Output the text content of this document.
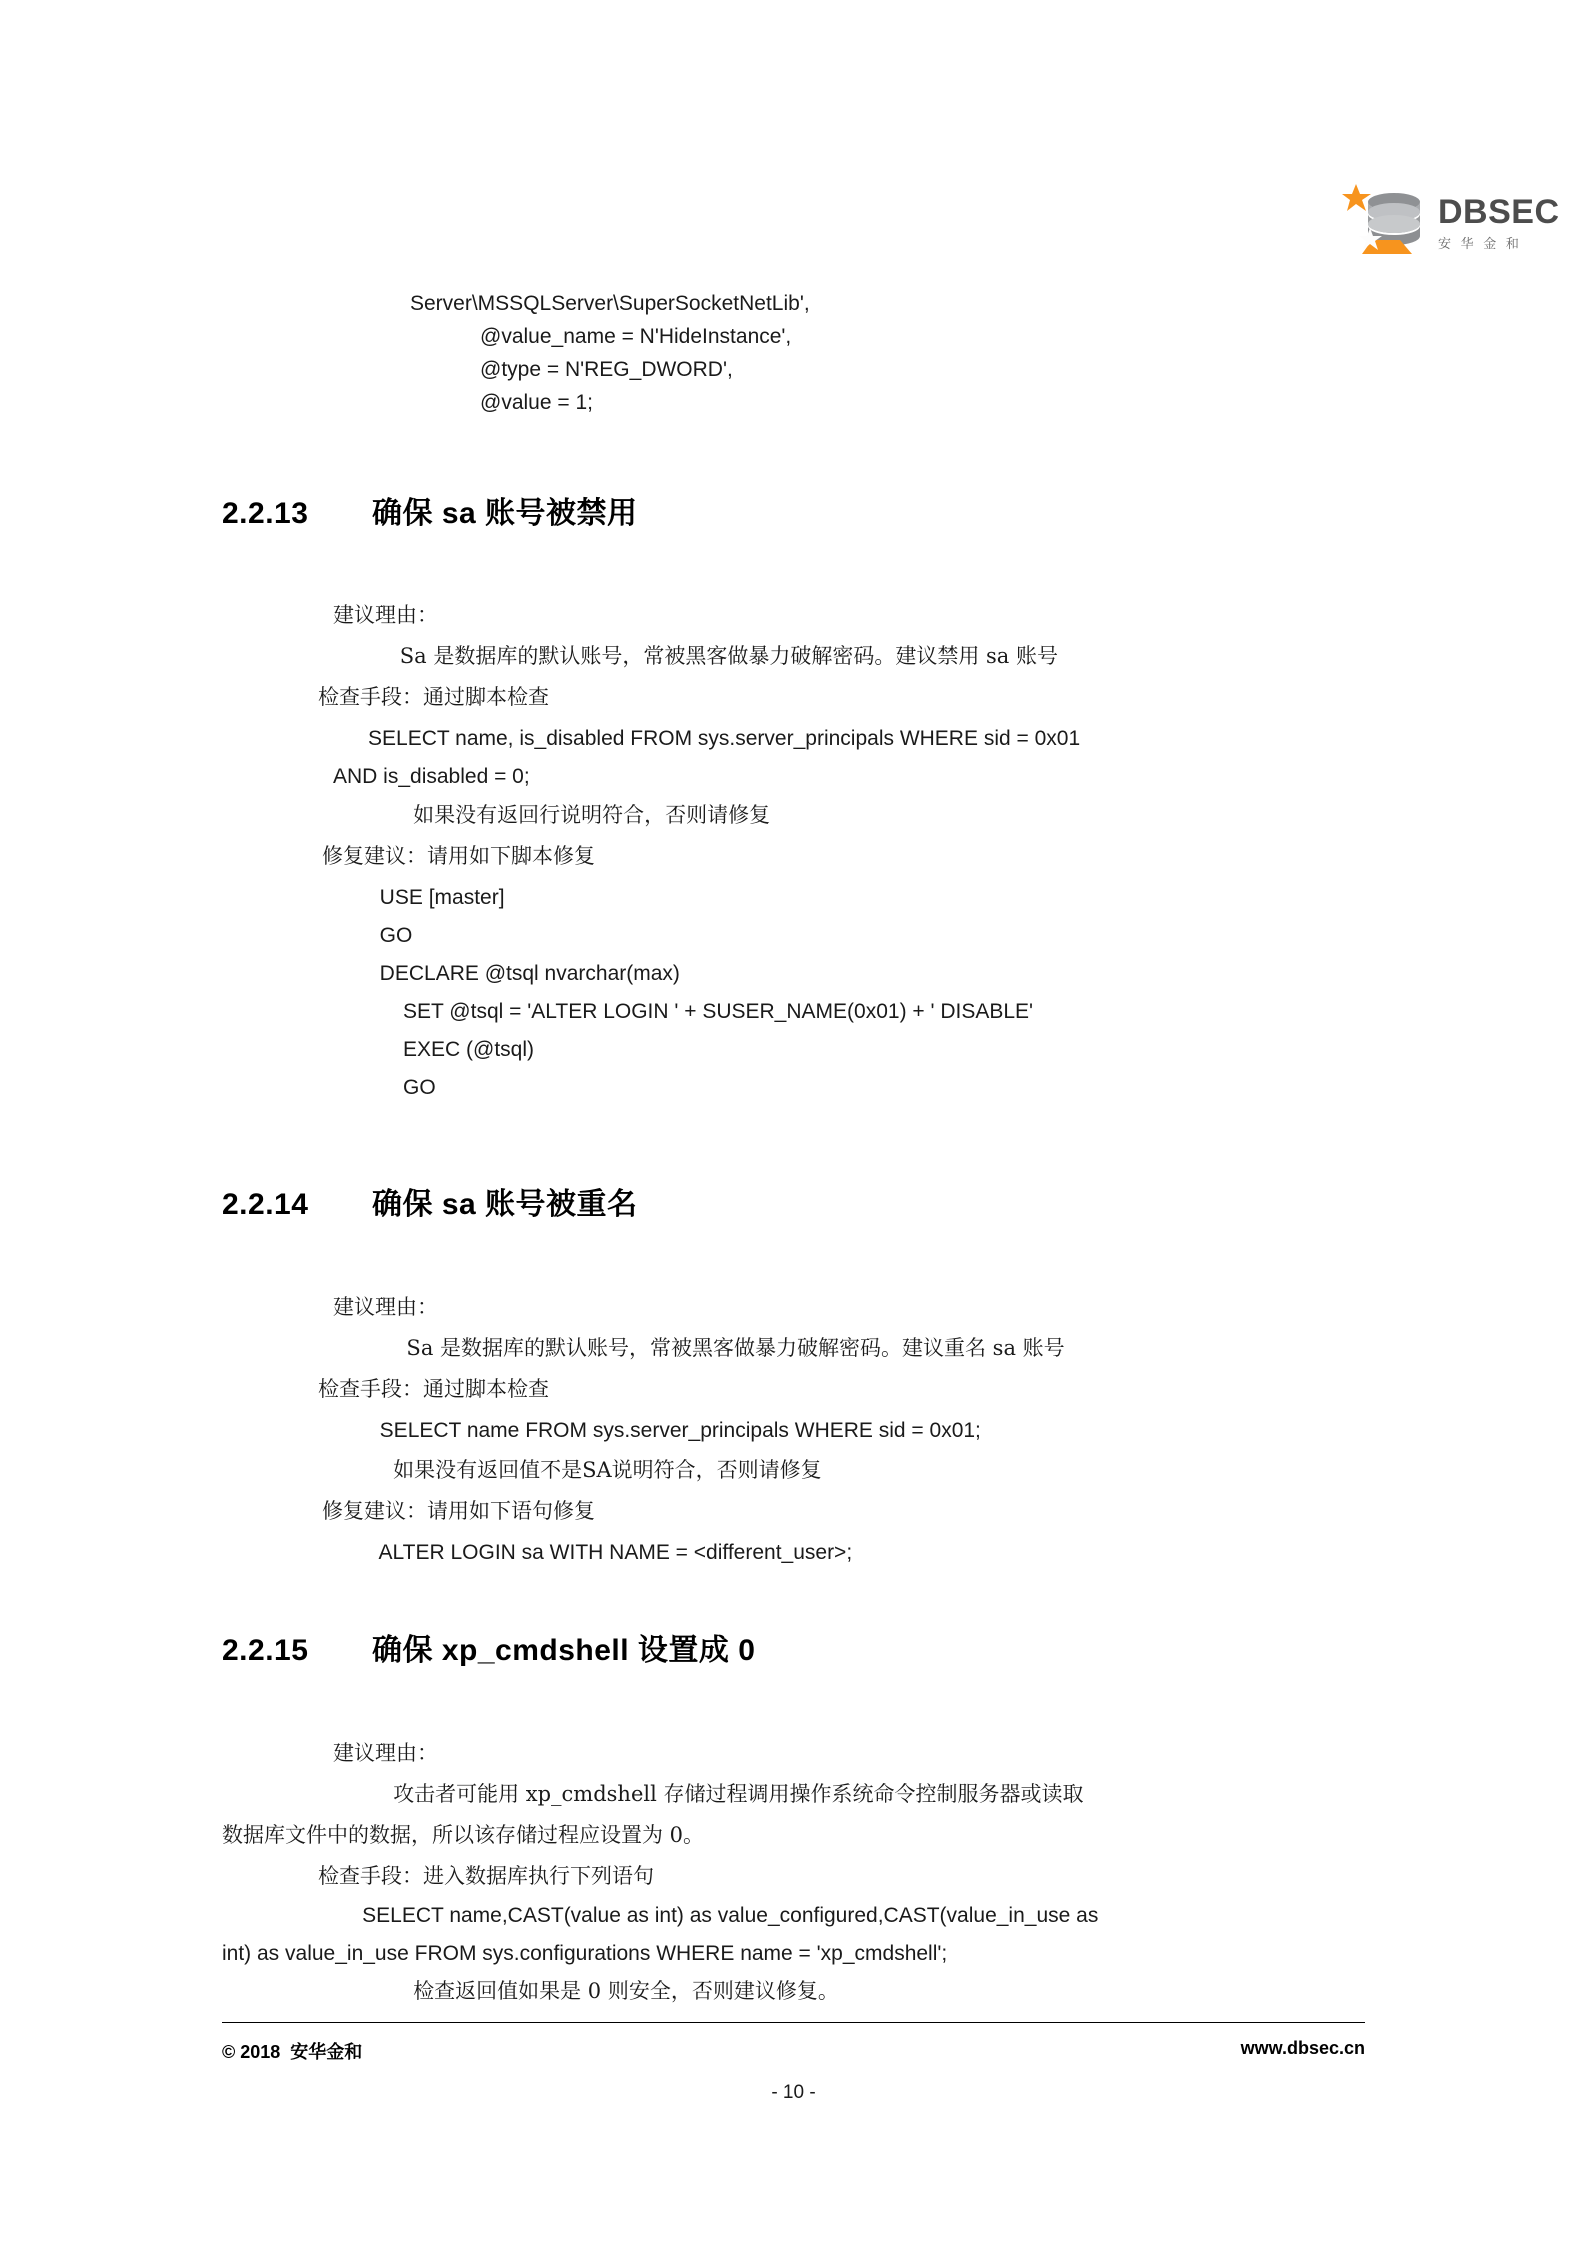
DBSEC
安 华 金 和
Server\MSSQLServer\SuperSocketNetLib',
@value_name = N'HideInstance',
@type = N'REG_DWORD',
@value = 1;
2.2.13 确保 sa 账号被禁用
建议理由：
Sa 是数据库的默认账号，常被黑客做暴力破解密码。建议禁用 sa 账号
检查手段：通过脚本检查
SELECT name, is_disabled FROM sys.server_principals WHERE sid = 0x01
AND is_disabled = 0;
如果没有返回行说明符合，否则请修复
修复建议：请用如下脚本修复
USE [master]
GO
DECLARE @tsql nvarchar(max)
SET @tsql = 'ALTER LOGIN ' + SUSER_NAME(0x01) + ' DISABLE'
EXEC (@tsql)
GO
2.2.14 确保 sa 账号被重名
建议理由：
Sa 是数据库的默认账号，常被黑客做暴力破解密码。建议重名 sa 账号
检查手段：通过脚本检查
SELECT name FROM sys.server_principals WHERE sid = 0x01;
如果没有返回值不是SA说明符合，否则请修复
修复建议：请用如下语句修复
ALTER LOGIN sa WITH NAME = <different_user>;
2.2.15 确保 xp_cmdshell 设置成 0
建议理由：
攻击者可能用 xp_cmdshell 存储过程调用操作系统命令控制服务器或读取
数据库文件中的数据，所以该存储过程应设置为 0。
检查手段：进入数据库执行下列语句
SELECT name,CAST(value as int) as value_configured,CAST(value_in_use as
int) as value_in_use FROM sys.configurations WHERE name = 'xp_cmdshell';
检查返回值如果是 0 则安全，否则建议修复。
© 2018  安华金和	www.dbsec.cn
- 10 -
